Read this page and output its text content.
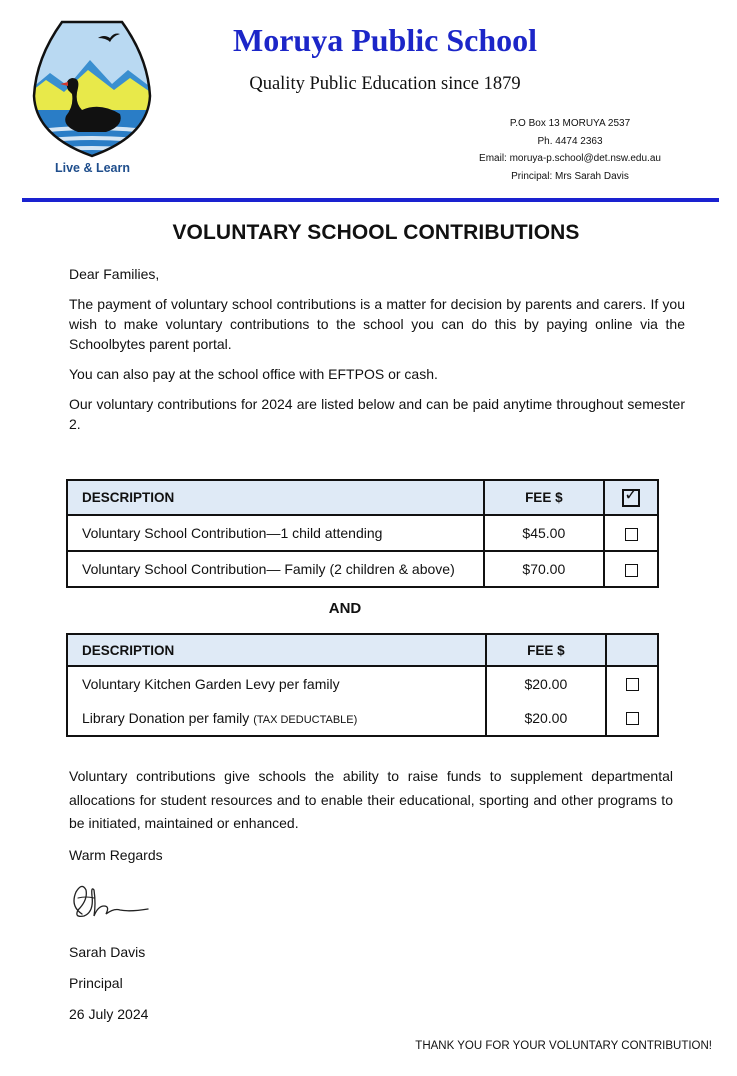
Live & Learn
Moruya Public School
Quality Public Education since 1879
P.O Box 13 MORUYA 2537
Ph. 4474 2363
Email: moruya-p.school@det.nsw.edu.au
Principal: Mrs Sarah Davis
VOLUNTARY SCHOOL CONTRIBUTIONS
Dear Families,
The payment of voluntary school contributions is a matter for decision by parents and carers. If you wish to make voluntary contributions to the school you can do this by paying online via the Schoolbytes parent portal.
You can also pay at the school office with EFTPOS or cash.
Our voluntary contributions for 2024 are listed below and can be paid anytime throughout semester 2.
DESCRIPTION	FEE $	✓

Voluntary School Contribution—1 child attending	$45.00	
Voluntary School Contribution— Family (2 children & above)	$70.00	
AND
DESCRIPTION	FEE $	
Voluntary Kitchen Garden Levy per family	$20.00	
Library Donation per family (TAX DEDUCTABLE)	$20.00	
Voluntary contributions give schools the ability to raise funds to supplement departmental allocations for student resources and to enable their educational, sporting and other programs to be initiated, maintained or enhanced.
Warm Regards
Sarah Davis
Principal
26 July 2024
THANK YOU FOR YOUR VOLUNTARY CONTRIBUTION!
